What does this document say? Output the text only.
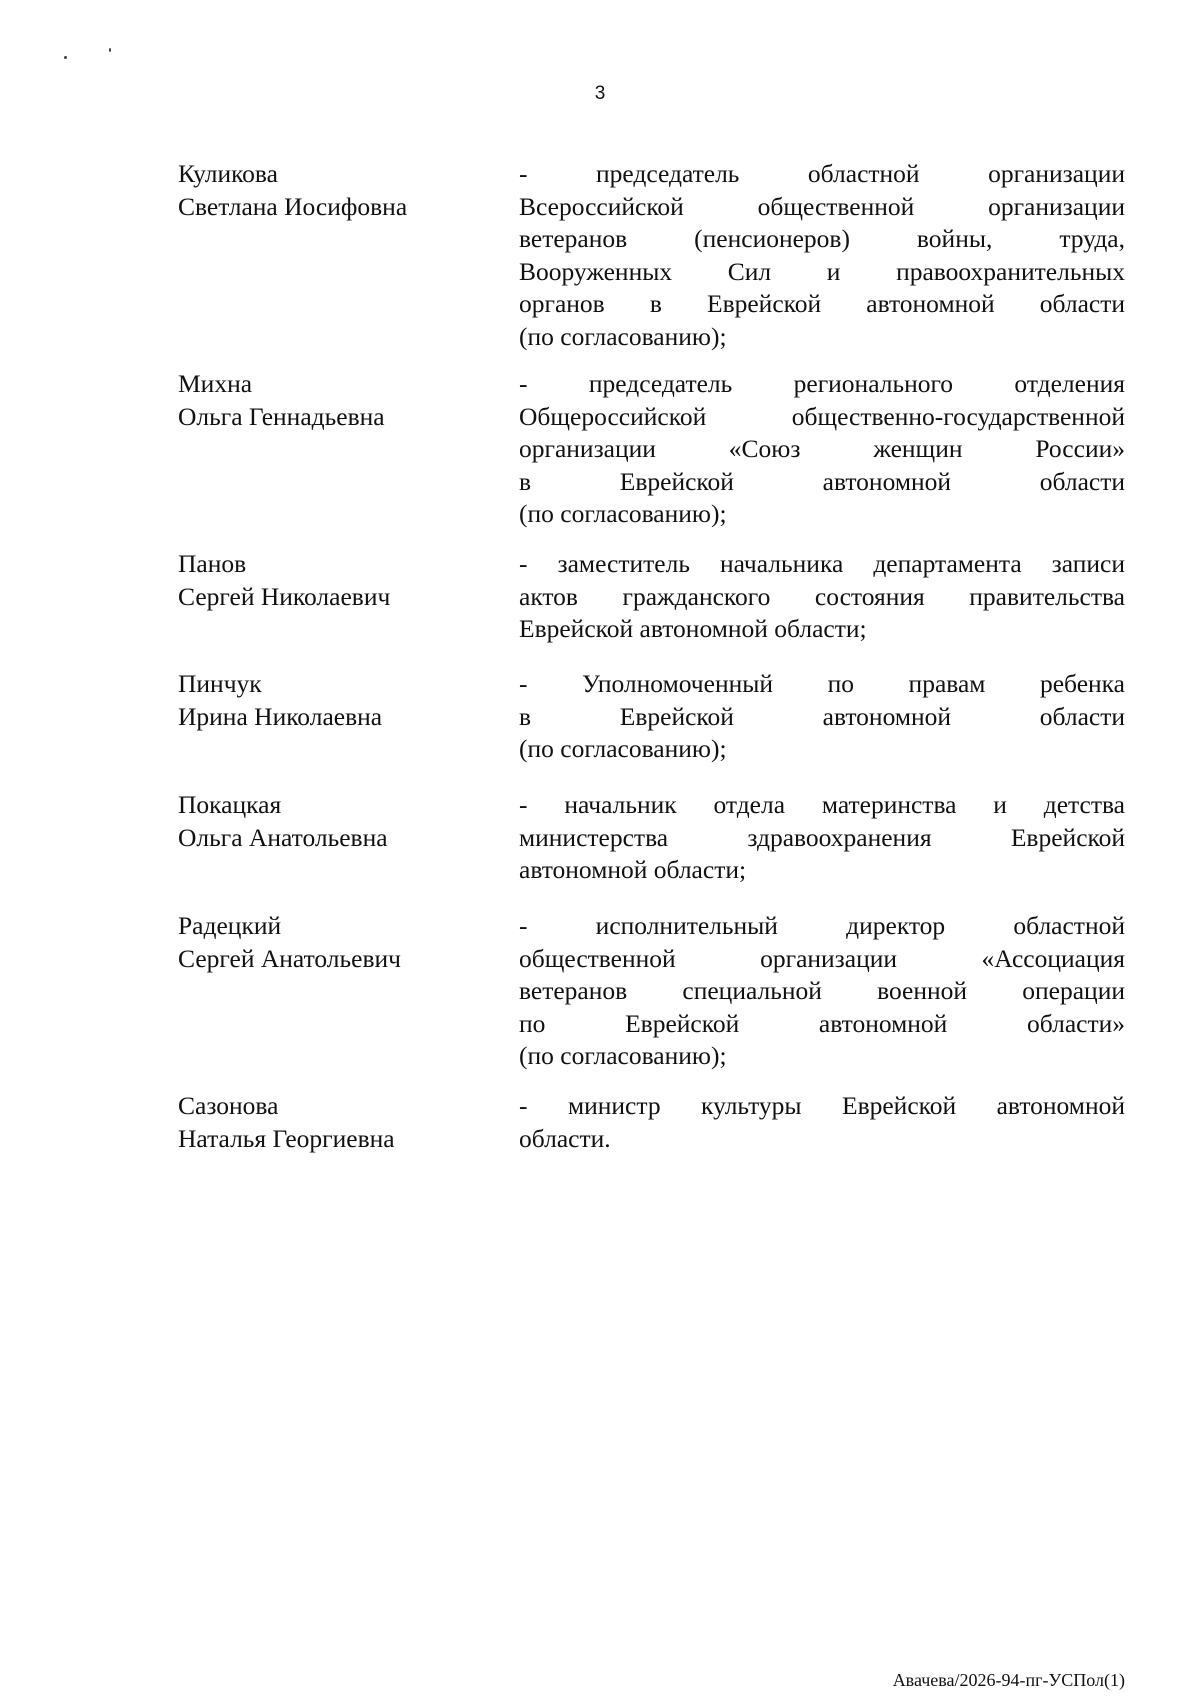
3
Куликова
Светлана Иосифовна
- председатель областной организации
Всероссийской общественной организации
ветеранов (пенсионеров) войны, труда,
Вооруженных Сил и правоохранительных
органов в Еврейской автономной области
(по согласованию);
Михна
Ольга Геннадьевна
- председатель регионального отделения
Общероссийской общественно-государственной
организации «Союз женщин России»
в Еврейской автономной области
(по согласованию);
Панов
Сергей Николаевич
- заместитель начальника департамента записи
актов гражданского состояния правительства
Еврейской автономной области;
Пинчук
Ирина Николаевна
- Уполномоченный по правам ребенка
в Еврейской автономной области
(по согласованию);
Покацкая
Ольга Анатольевна
- начальник отдела материнства и детства
министерства здравоохранения Еврейской
автономной области;
Радецкий
Сергей Анатольевич
- исполнительный директор областной
общественной организации «Ассоциация
ветеранов специальной военной операции
по Еврейской автономной области»
(по согласованию);
Сазонова
Наталья Георгиевна
- министр культуры Еврейской автономной
области.
Авачева/2026-94-пг-УСПол(1)
